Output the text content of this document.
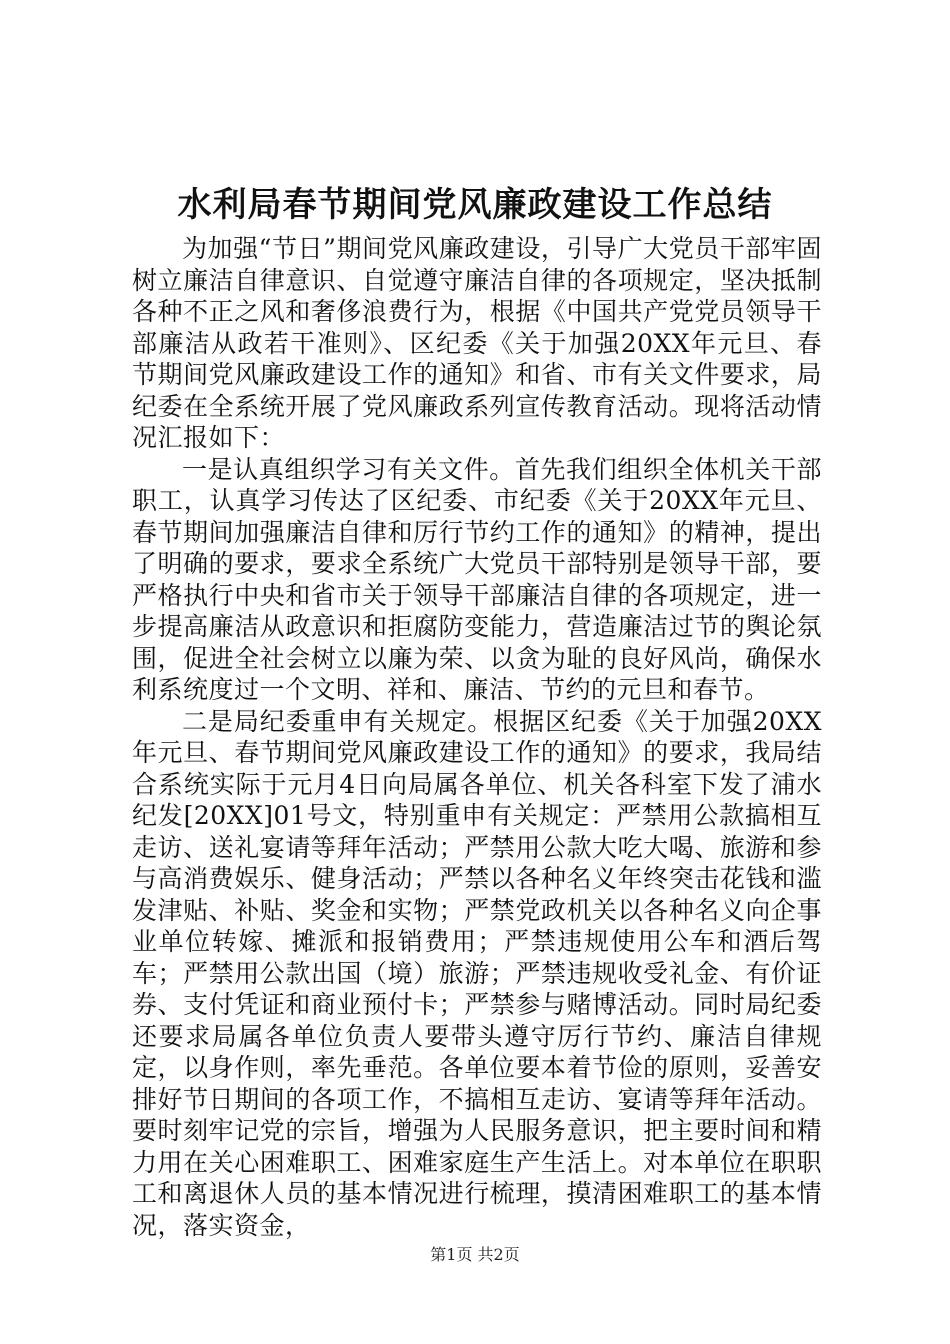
水利局春节期间党风廉政建设工作总结

为加强“节日”期间党风廉政建设，引导广大党员干部牢固树立廉洁自律意识、自觉遵守廉洁自律的各项规定，坚决抵制各种不正之风和奢侈浪费行为，根据《中国共产党党员领导干部廉洁从政若干准则》、区纪委《关于加强20XX年元旦、春节期间党风廉政建设工作的通知》和省、市有关文件要求，局纪委在全系统开展了党风廉政系列宣传教育活动。现将活动情况汇报如下：

一是认真组织学习有关文件。首先我们组织全体机关干部职工，认真学习传达了区纪委、市纪委《关于20XX年元旦、春节期间加强廉洁自律和厉行节约工作的通知》的精神，提出了明确的要求，要求全系统广大党员干部特别是领导干部，要严格执行中央和省市关于领导干部廉洁自律的各项规定，进一步提高廉洁从政意识和拒腐防变能力，营造廉洁过节的舆论氛围，促进全社会树立以廉为荣、以贪为耻的良好风尚，确保水利系统度过一个文明、祥和、廉洁、节约的元旦和春节。

二是局纪委重申有关规定。根据区纪委《关于加强20XX年元旦、春节期间党风廉政建设工作的通知》的要求，我局结合系统实际于元月4日向局属各单位、机关各科室下发了浦水纪发[20XX]01号文，特别重申有关规定：严禁用公款搞相互走访、送礼宴请等拜年活动；严禁用公款大吃大喝、旅游和参与高消费娱乐、健身活动；严禁以各种名义年终突击花钱和滥发津贴、补贴、奖金和实物；严禁党政机关以各种名义向企事业单位转嫁、摊派和报销费用；严禁违规使用公车和酒后驾车；严禁用公款出国（境）旅游；严禁违规收受礼金、有价证券、支付凭证和商业预付卡；严禁参与赌博活动。同时局纪委还要求局属各单位负责人要带头遵守厉行节约、廉洁自律规定，以身作则，率先垂范。各单位要本着节俭的原则，妥善安排好节日期间的各项工作，不搞相互走访、宴请等拜年活动。要时刻牢记党的宗旨，增强为人民服务意识，把主要时间和精力用在关心困难职工、困难家庭生产生活上。对本单位在职职工和离退休人员的基本情况进行梳理，摸清困难职工的基本情况，落实资金，

第1页 共2页
